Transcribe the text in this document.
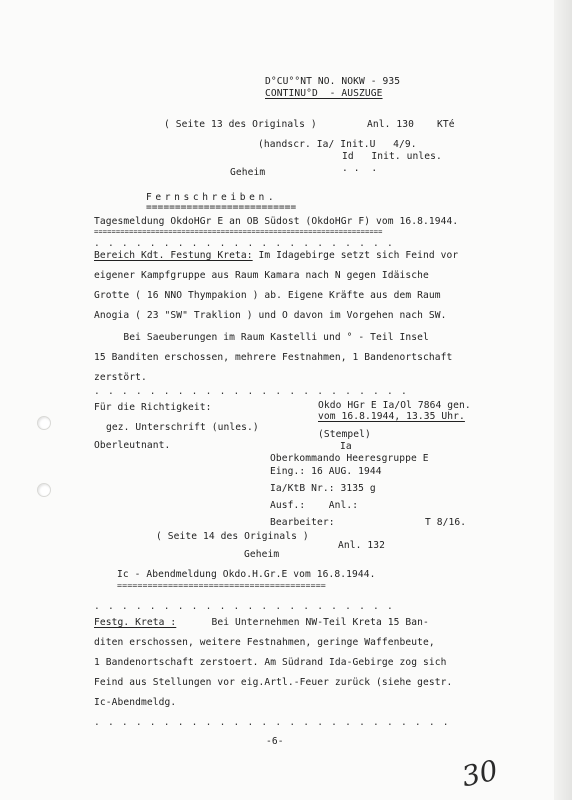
D°CU°°NT NO. NOKW - 935
CONTINU°D  - AUSZUGE
( Seite 13 des Originals )	Anl. 130 KTé
(handscr. Ia/ Init.U   4/9.
Id   Init. unles.
. .  .
Geheim
Fernschreiben.
==========================
Tagesmeldung OkdoHGr E an OB Südost (OkdoHGr F) vom 16.8.1944.
==================================================================
. . . . . . . . . . . . . . . . . . . . . .
Bereich Kdt. Festung Kreta: Im Idagebirge setzt sich Feind vor
eigener Kampfgruppe aus Raum Kamara nach N gegen Idäische
Grotte ( 16 NNO Thympakion ) ab. Eigene Kräfte aus dem Raum
Anogia ( 23 "SW" Traklion ) und O davon im Vorgehen nach SW.
Bei Saeuberungen im Raum Kastelli und ° - Teil Insel
15 Banditen erschossen, mehrere Festnahmen, 1 Bandenortschaft
zerstört.
. . . . . . . . . . . . . . . . . . . . . . .
Für die Richtigkeit:
gez. Unterschrift (unles.)
Oberleutnant.
Okdo HGr E Ia/Ol 7864 gen.
vom 16.8.1944, 13.35 Uhr.
(Stempel)
Ia
Oberkommando Heeresgruppe E
Eing.: 16 AUG. 1944
Ia/KtB Nr.: 3135 g
Ausf.:    Anl.:
Bearbeiter:	T 8/16.
( Seite 14 des Originals )
Anl. 132
Geheim
Ic - Abendmeldung Okdo.H.Gr.E vom 16.8.1944.
=========================================
. . . . . . . . . . . . . . . . . . . . . .
Festg. Kreta :      Bei Unternehmen NW-Teil Kreta 15 Ban-
diten erschossen, weitere Festnahmen, geringe Waffenbeute,
1 Bandenortschaft zerstoert. Am Südrand Ida-Gebirge zog sich
Feind aus Stellungen vor eig.Artl.-Feuer zurück (siehe gestr.
Ic-Abendmeldg.
. . . . . . . . . . . . . . . . . . . . . . . . . .
-6-
30
